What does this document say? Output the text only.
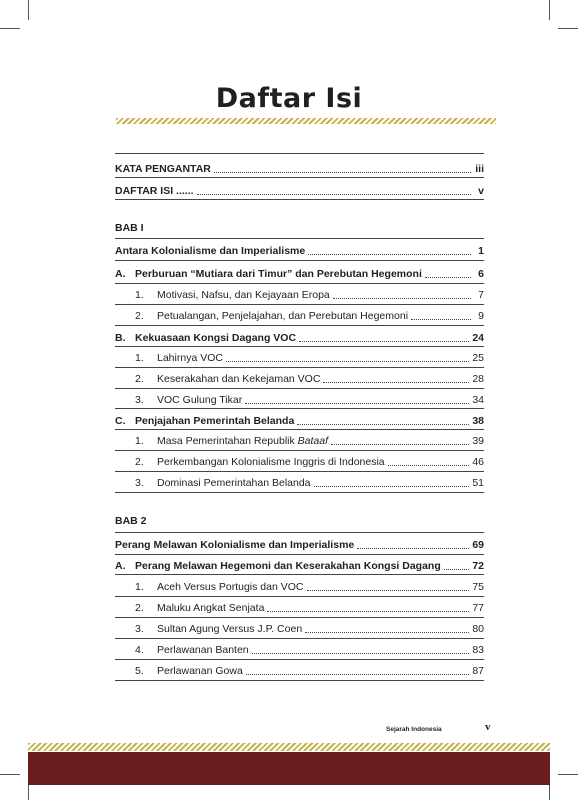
Daftar Isi
KATA PENGANTAR	iii
DAFTAR ISI ......	v
BAB I
Antara Kolonialisme dan Imperialisme	1
A. Perburuan “Mutiara dari Timur” dan Perebutan Hegemoni	6
1.	Motivasi, Nafsu, dan Kejayaan Eropa	7
2.	Petualangan, Penjelajahan, dan Perebutan Hegemoni	9
B. Kekuasaan Kongsi Dagang VOC	24
1.	Lahirnya VOC	25
2.	Keserakahan dan Kekejaman VOC	28
3.	VOC Gulung Tikar	34
C. Penjajahan Pemerintah Belanda	38
1.	Masa Pemerintahan Republik Bataaf	39
2.	Perkembangan Kolonialisme Inggris di Indonesia	46
3.	Dominasi Pemerintahan Belanda	51
BAB 2
Perang Melawan Kolonialisme dan Imperialisme	69
A. Perang Melawan Hegemoni dan Keserakahan Kongsi Dagang	72
1.	Aceh Versus Portugis dan VOC	75
2.	Maluku Angkat Senjata	77
3.	Sultan Agung Versus J.P. Coen	80
4.	Perlawanan Banten	83
5.	Perlawanan Gowa	87
Sejarah Indonesia	v
